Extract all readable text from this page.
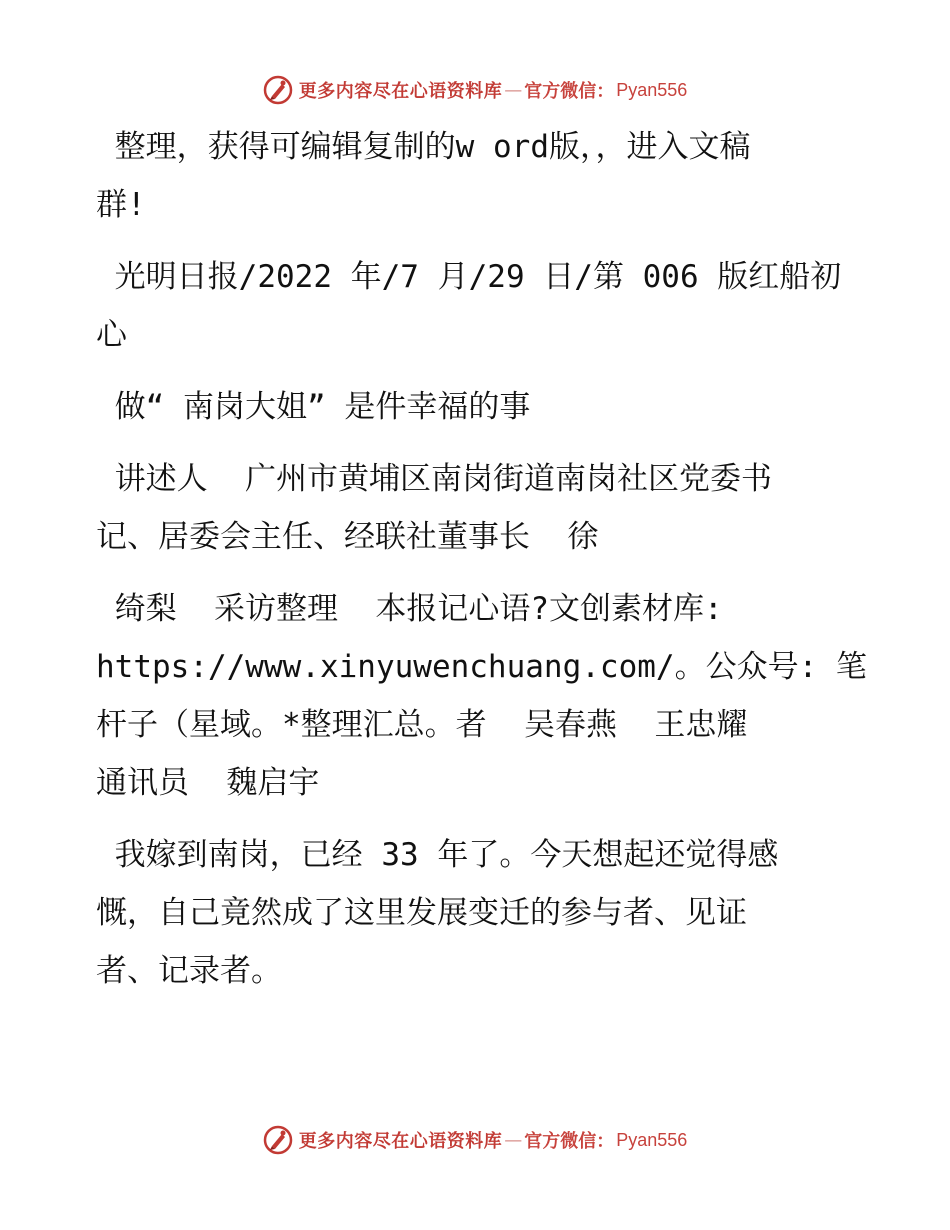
更多内容尽在心语资料库 — 官方微信： Pyan556

整理，获得可编辑复制的w ord版，，进入文稿
群!

光明日报/2022 年/7 月/29 日/第 006 版红船初
心

做“ 南岗大姐” 是件幸福的事

讲述人  广州市黄埔区南岗街道南岗社区党委书
记、居委会主任、经联社董事长  徐

绮梨  采访整理  本报记心语?文创素材库:
https://www.xinyuwenchuang.com/。公众号: 笔
杆子（星域。*整理汇总。者  吴春燕  王忠耀
通讯员  魏启宇

我嫁到南岗，已经 33 年了。今天想起还觉得感
慨，自己竟然成了这里发展变迁的参与者、见证
者、记录者。

更多内容尽在心语资料库 — 官方微信： Pyan556
